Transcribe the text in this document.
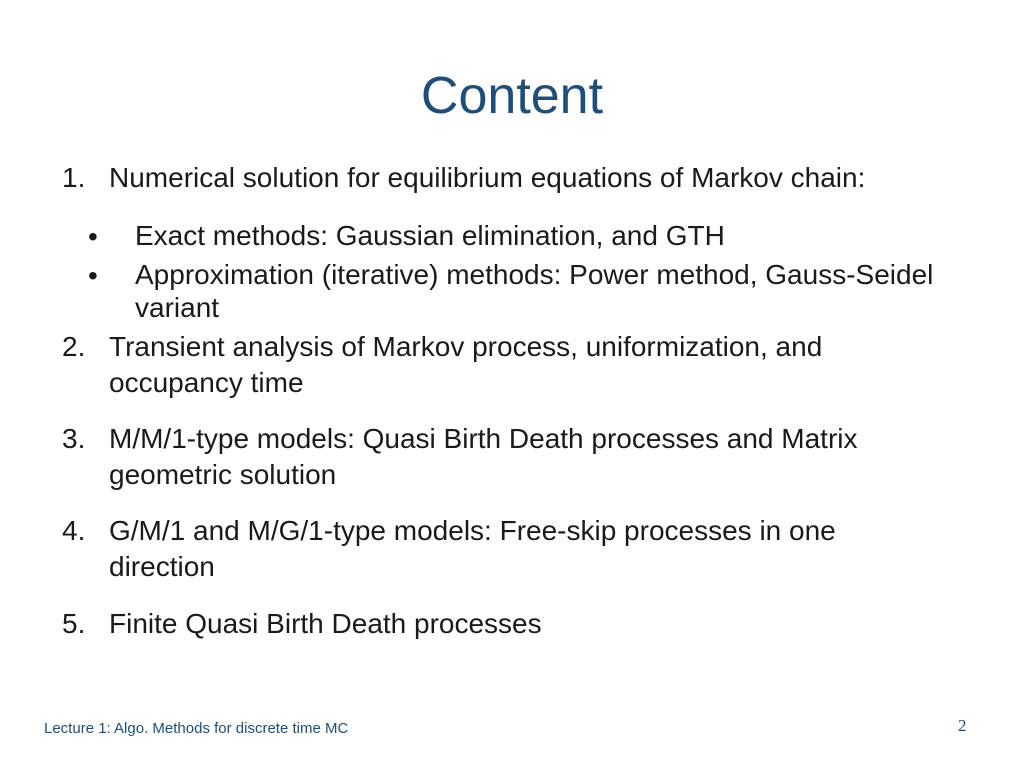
Content
1. Numerical solution for equilibrium equations of Markov chain:
• Exact methods: Gaussian elimination, and GTH
• Approximation (iterative) methods: Power method, Gauss-Seidel variant
2. Transient analysis of Markov process, uniformization, and occupancy time
3. M/M/1-type models: Quasi Birth Death processes and Matrix geometric solution
4. G/M/1 and M/G/1-type models: Free-skip processes in one direction
5. Finite Quasi Birth Death processes
Lecture 1: Algo. Methods for discrete time MC	2
